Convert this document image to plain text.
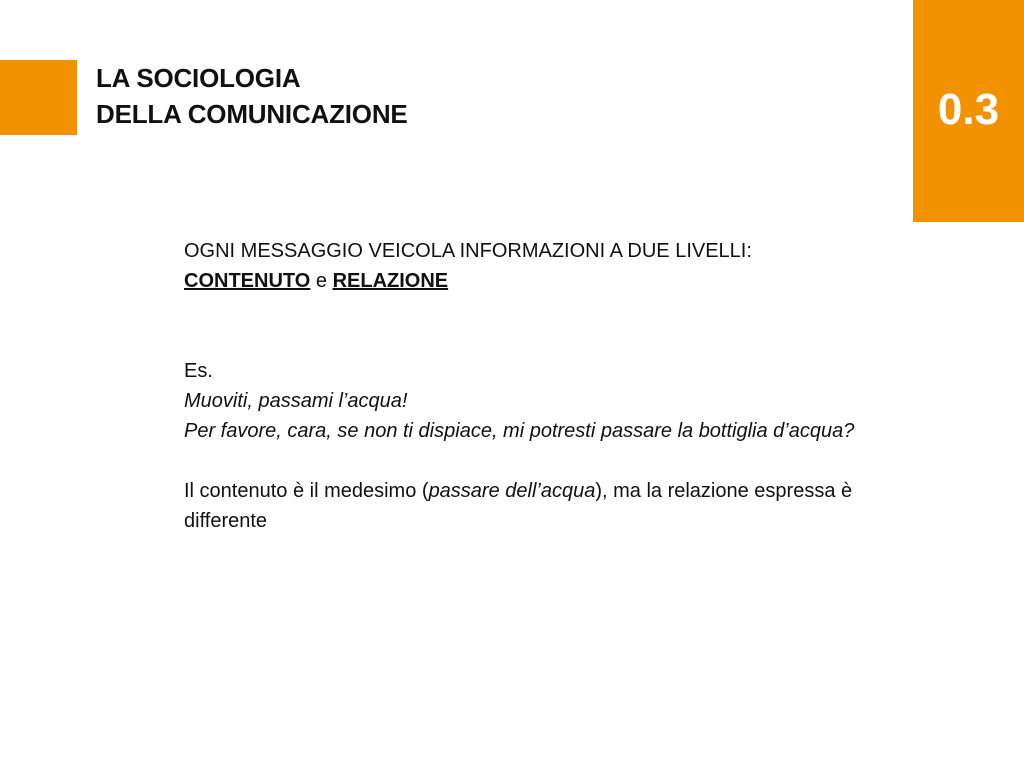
LA SOCIOLOGIA
DELLA COMUNICAZIONE	0.3

OGNI MESSAGGIO VEICOLA INFORMAZIONI A DUE LIVELLI: CONTENUTO e RELAZIONE

Es.
Muoviti, passami l’acqua!
Per favore, cara, se non ti dispiace, mi potresti passare la bottiglia d’acqua?

Il contenuto è il medesimo (passare dell’acqua), ma la relazione espressa è differente
